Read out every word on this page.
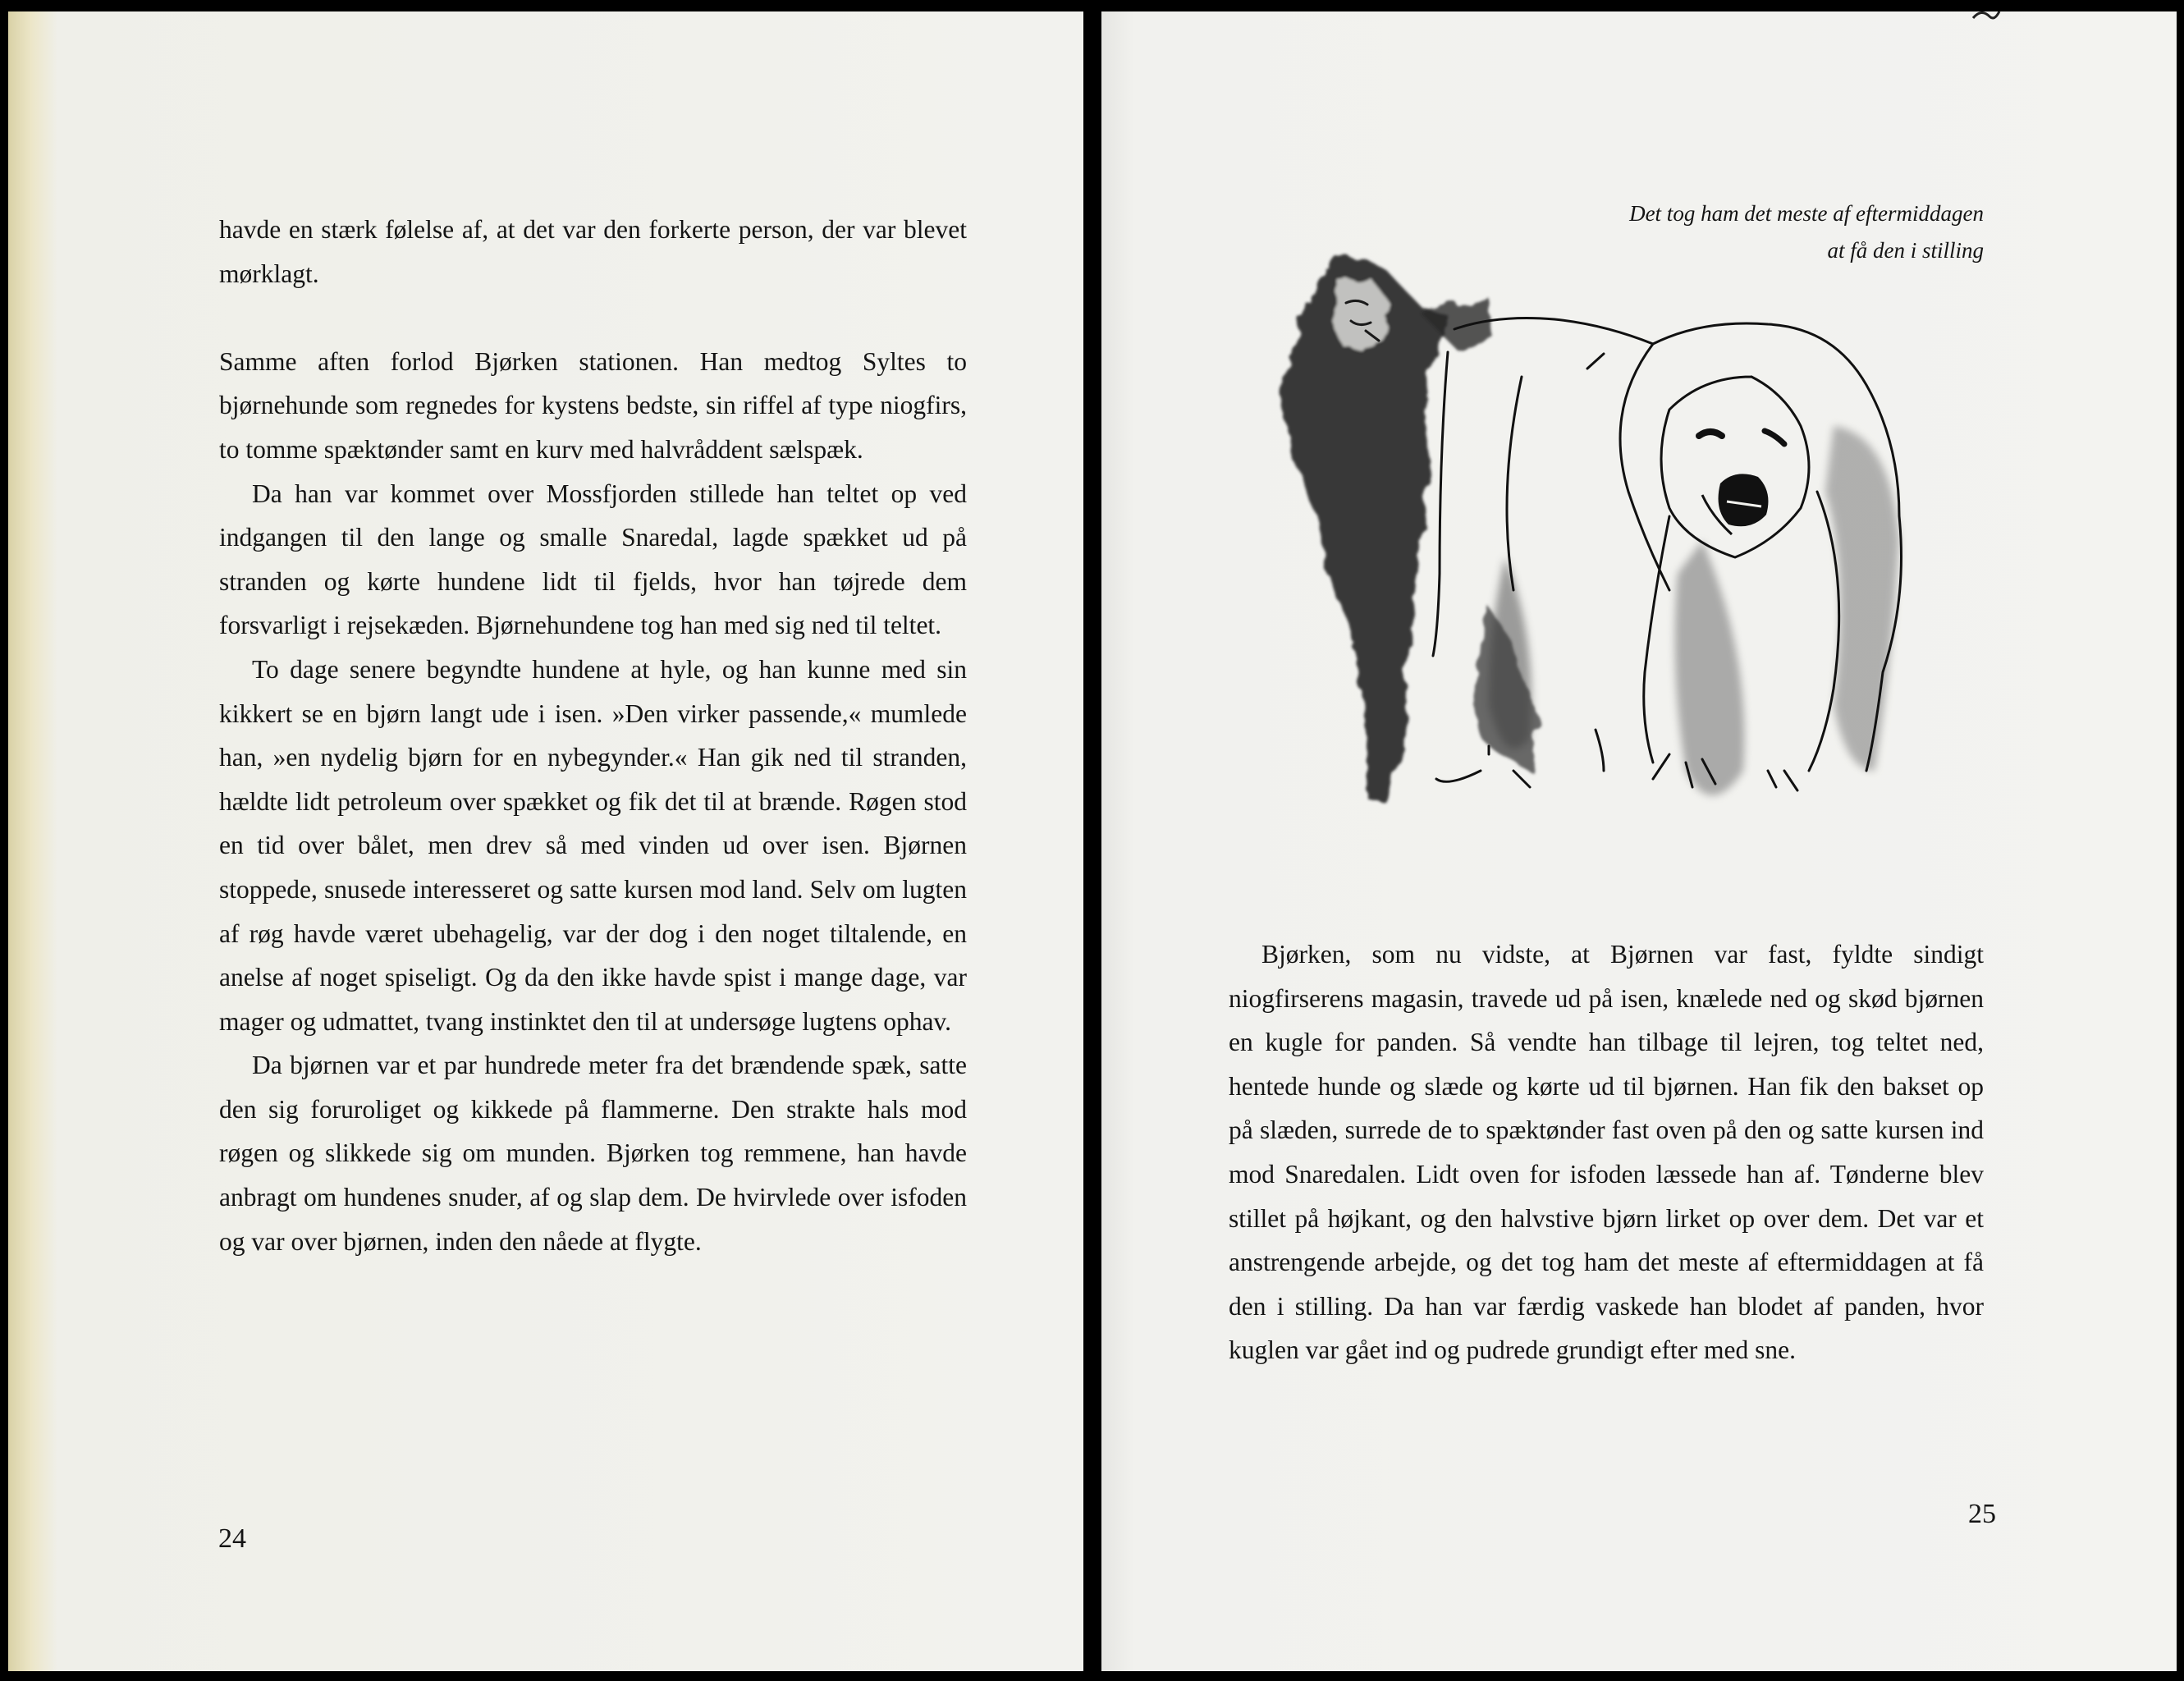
havde en stærk følelse af, at det var den forkerte person, der var blevet mørklagt.

Samme aften forlod Bjørken stationen. Han medtog Syltes to bjørnehunde som regnedes for kystens bedste, sin riffel af type niogfirs, to tomme spæktønder samt en kurv med halvråddent sælspæk.

Da han var kommet over Mossfjorden stillede han teltet op ved indgangen til den lange og smalle Snaredal, lagde spækket ud på stranden og kørte hundene lidt til fjelds, hvor han tøjrede dem forsvarligt i rejsekæden. Bjørnehundene tog han med sig ned til teltet.

To dage senere begyndte hundene at hyle, og han kunne med sin kikkert se en bjørn langt ude i isen. »Den virker passende,« mumlede han, »en nydelig bjørn for en nybegynder.« Han gik ned til stranden, hældte lidt petroleum over spækket og fik det til at brænde. Røgen stod en tid over bålet, men drev så med vinden ud over isen. Bjørnen stoppede, snusede interesseret og satte kursen mod land. Selv om lugten af røg havde været ubehagelig, var der dog i den noget tiltalende, en anelse af noget spiseligt. Og da den ikke havde spist i mange dage, var mager og udmattet, tvang instinktet den til at undersøge lugtens ophav.

Da bjørnen var et par hundrede meter fra det brændende spæk, satte den sig foruroliget og kikkede på flammerne. Den strakte hals mod røgen og slikkede sig om munden. Bjørken tog remmene, han havde anbragt om hundenes snuder, af og slap dem. De hvirvlede over isfoden og var over bjørnen, inden den nåede at flygte.

24
Det tog ham det meste af eftermiddagen
at få den i stilling

Bjørken, som nu vidste, at Bjørnen var fast, fyldte sindigt niogfirserens magasin, travede ud på isen, knælede ned og skød bjørnen en kugle for panden. Så vendte han tilbage til lejren, tog teltet ned, hentede hunde og slæde og kørte ud til bjørnen. Han fik den bakset op på slæden, surrede de to spæktønder fast oven på den og satte kursen ind mod Snaredalen. Lidt oven for isfoden læssede han af. Tønderne blev stillet på højkant, og den halvstive bjørn lirket op over dem. Det var et anstrengende arbejde, og det tog ham det meste af eftermiddagen at få den i stilling. Da han var færdig vaskede han blodet af panden, hvor kuglen var gået ind og pudrede grundigt efter med sne.

25
